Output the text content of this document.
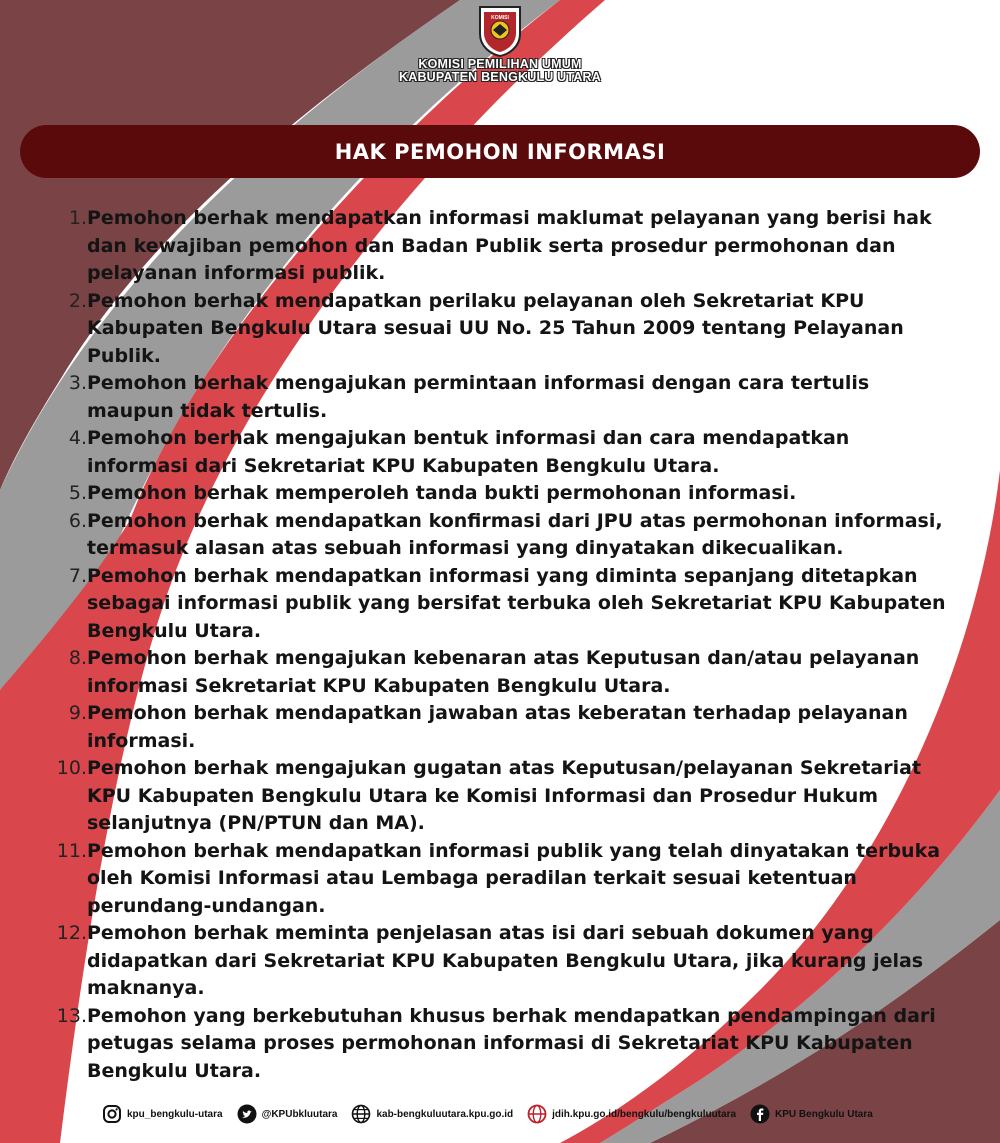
KOMISI
KOMISI PEMILIHAN UMUM
KABUPATEN BENGKULU UTARA
HAK PEMOHON INFORMASI
1. Pemohon berhak mendapatkan informasi maklumat pelayanan yang berisi hak dan kewajiban pemohon dan Badan Publik serta prosedur permohonan dan pelayanan informasi publik.
2. Pemohon berhak mendapatkan perilaku pelayanan oleh Sekretariat KPU Kabupaten Bengkulu Utara sesuai UU No. 25 Tahun 2009 tentang Pelayanan Publik.
3. Pemohon berhak mengajukan permintaan informasi dengan cara tertulis maupun tidak tertulis.
4. Pemohon berhak mengajukan bentuk informasi dan cara mendapatkan informasi dari Sekretariat KPU Kabupaten Bengkulu Utara.
5. Pemohon berhak memperoleh tanda bukti permohonan informasi.
6. Pemohon berhak mendapatkan konfirmasi dari JPU atas permohonan informasi, termasuk alasan atas sebuah informasi yang dinyatakan dikecualikan.
7. Pemohon berhak mendapatkan informasi yang diminta sepanjang ditetapkan sebagai informasi publik yang bersifat terbuka oleh Sekretariat KPU Kabupaten Bengkulu Utara.
8. Pemohon berhak mengajukan kebenaran atas Keputusan dan/atau pelayanan informasi Sekretariat KPU Kabupaten Bengkulu Utara.
9. Pemohon berhak mendapatkan jawaban atas keberatan terhadap pelayanan informasi.
10. Pemohon berhak mengajukan gugatan atas Keputusan/pelayanan Sekretariat KPU Kabupaten Bengkulu Utara ke Komisi Informasi dan Prosedur Hukum selanjutnya (PN/PTUN dan MA).
11. Pemohon berhak mendapatkan informasi publik yang telah dinyatakan terbuka oleh Komisi Informasi atau Lembaga peradilan terkait sesuai ketentuan perundang-undangan.
12. Pemohon berhak meminta penjelasan atas isi dari sebuah dokumen yang didapatkan dari Sekretariat KPU Kabupaten Bengkulu Utara, jika kurang jelas maknanya.
13. Pemohon yang berkebutuhan khusus berhak mendapatkan pendampingan dari petugas selama proses permohonan informasi di Sekretariat KPU Kabupaten Bengkulu Utara.
kpu_bengkulu-utara	@KPUbkluutara	kab-bengkuluutara.kpu.go.id	jdih.kpu.go.id/bengkulu/bengkuluutara	KPU Bengkulu Utara
